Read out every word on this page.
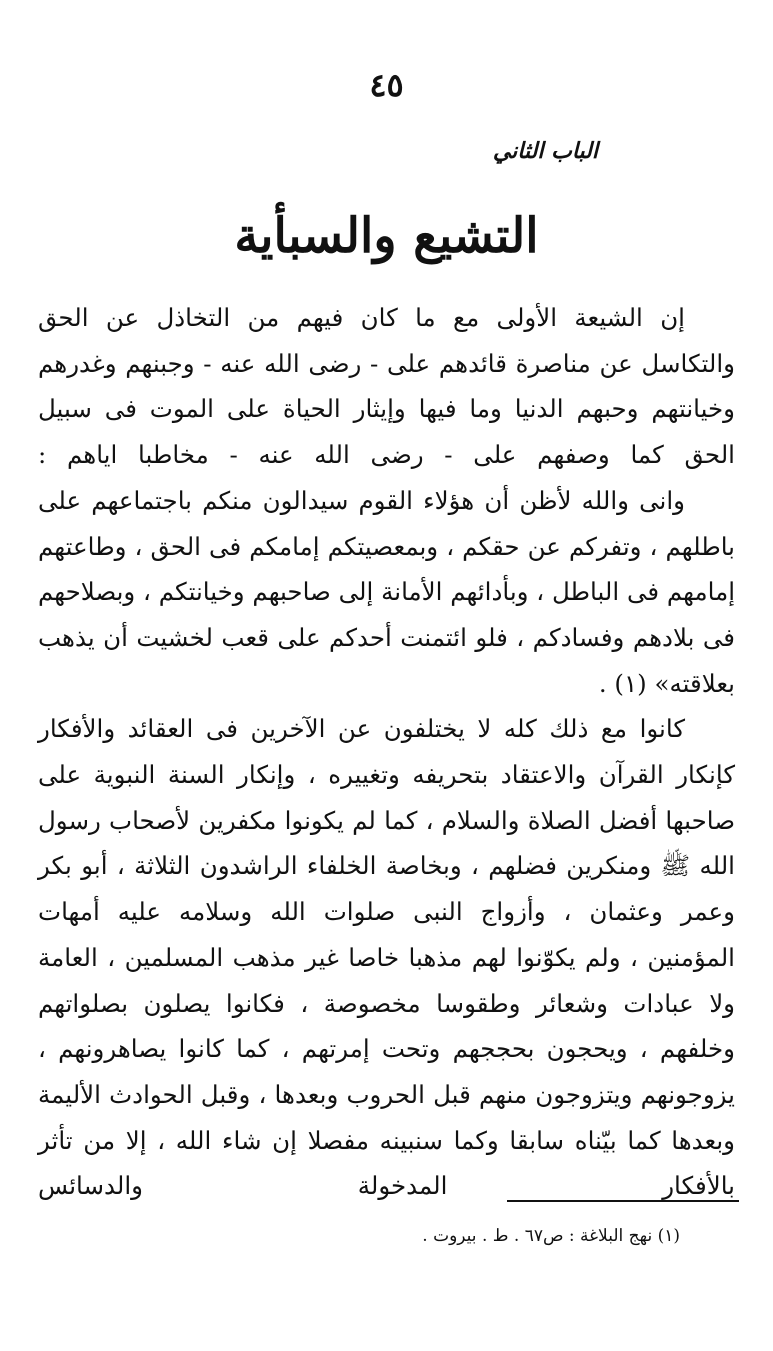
٤٥
الباب الثاني
التشيع والسبأية

إن الشيعة الأولى مع ما كان فيهم من التخاذل عن الحق والتكاسل عن مناصرة قائدهم على - رضى الله عنه - وجبنهم وغدرهم وخيانتهم وحبهم الدنيا وما فيها وإيثار الحياة على الموت فى سبيل الحق كما وصفهم على - رضى الله عنه - مخاطبا اياهم :

وانى والله لأظن أن هؤلاء القوم سيدالون منكم باجتماعهم على باطلهم ، وتفركم عن حقكم ، وبمعصيتكم إمامكم فى الحق ، وطاعتهم إمامهم فى الباطل ، وبأدائهم الأمانة إلى صاحبهم وخيانتكم ، وبصلاحهم فى بلادهم وفسادكم ، فلو ائتمنت أحدكم على قعب لخشيت أن يذهب بعلاقته» (١) .

كانوا مع ذلك كله لا يختلفون عن الآخرين فى العقائد والأفكار كإنكار القرآن والاعتقاد بتحريفه وتغييره ، وإنكار السنة النبوية على صاحبها أفضل الصلاة والسلام ، كما لم يكونوا مكفرين لأصحاب رسول الله ﷺ ومنكرين فضلهم ، وبخاصة الخلفاء الراشدون الثلاثة ، أبو بكر وعمر وعثمان ، وأزواج النبى صلوات الله وسلامه عليه أمهات المؤمنين ، ولم يكوّنوا لهم مذهبا خاصا غير مذهب المسلمين ، العامة ولا عبادات وشعائر وطقوسا مخصوصة ، فكانوا يصلون بصلواتهم وخلفهم ، ويحجون بحججهم وتحت إمرتهم ، كما كانوا يصاهرونهم ، يزوجونهم ويتزوجون منهم قبل الحروب وبعدها ، وقبل الحوادث الأليمة وبعدها كما بيّناه سابقا وكما سنبينه مفصلا إن شاء الله ، إلا من تأثر بالأفكار المدخولة والدسائس

(١) نهج البلاغة : ص٦٧ . ط . بيروت .
